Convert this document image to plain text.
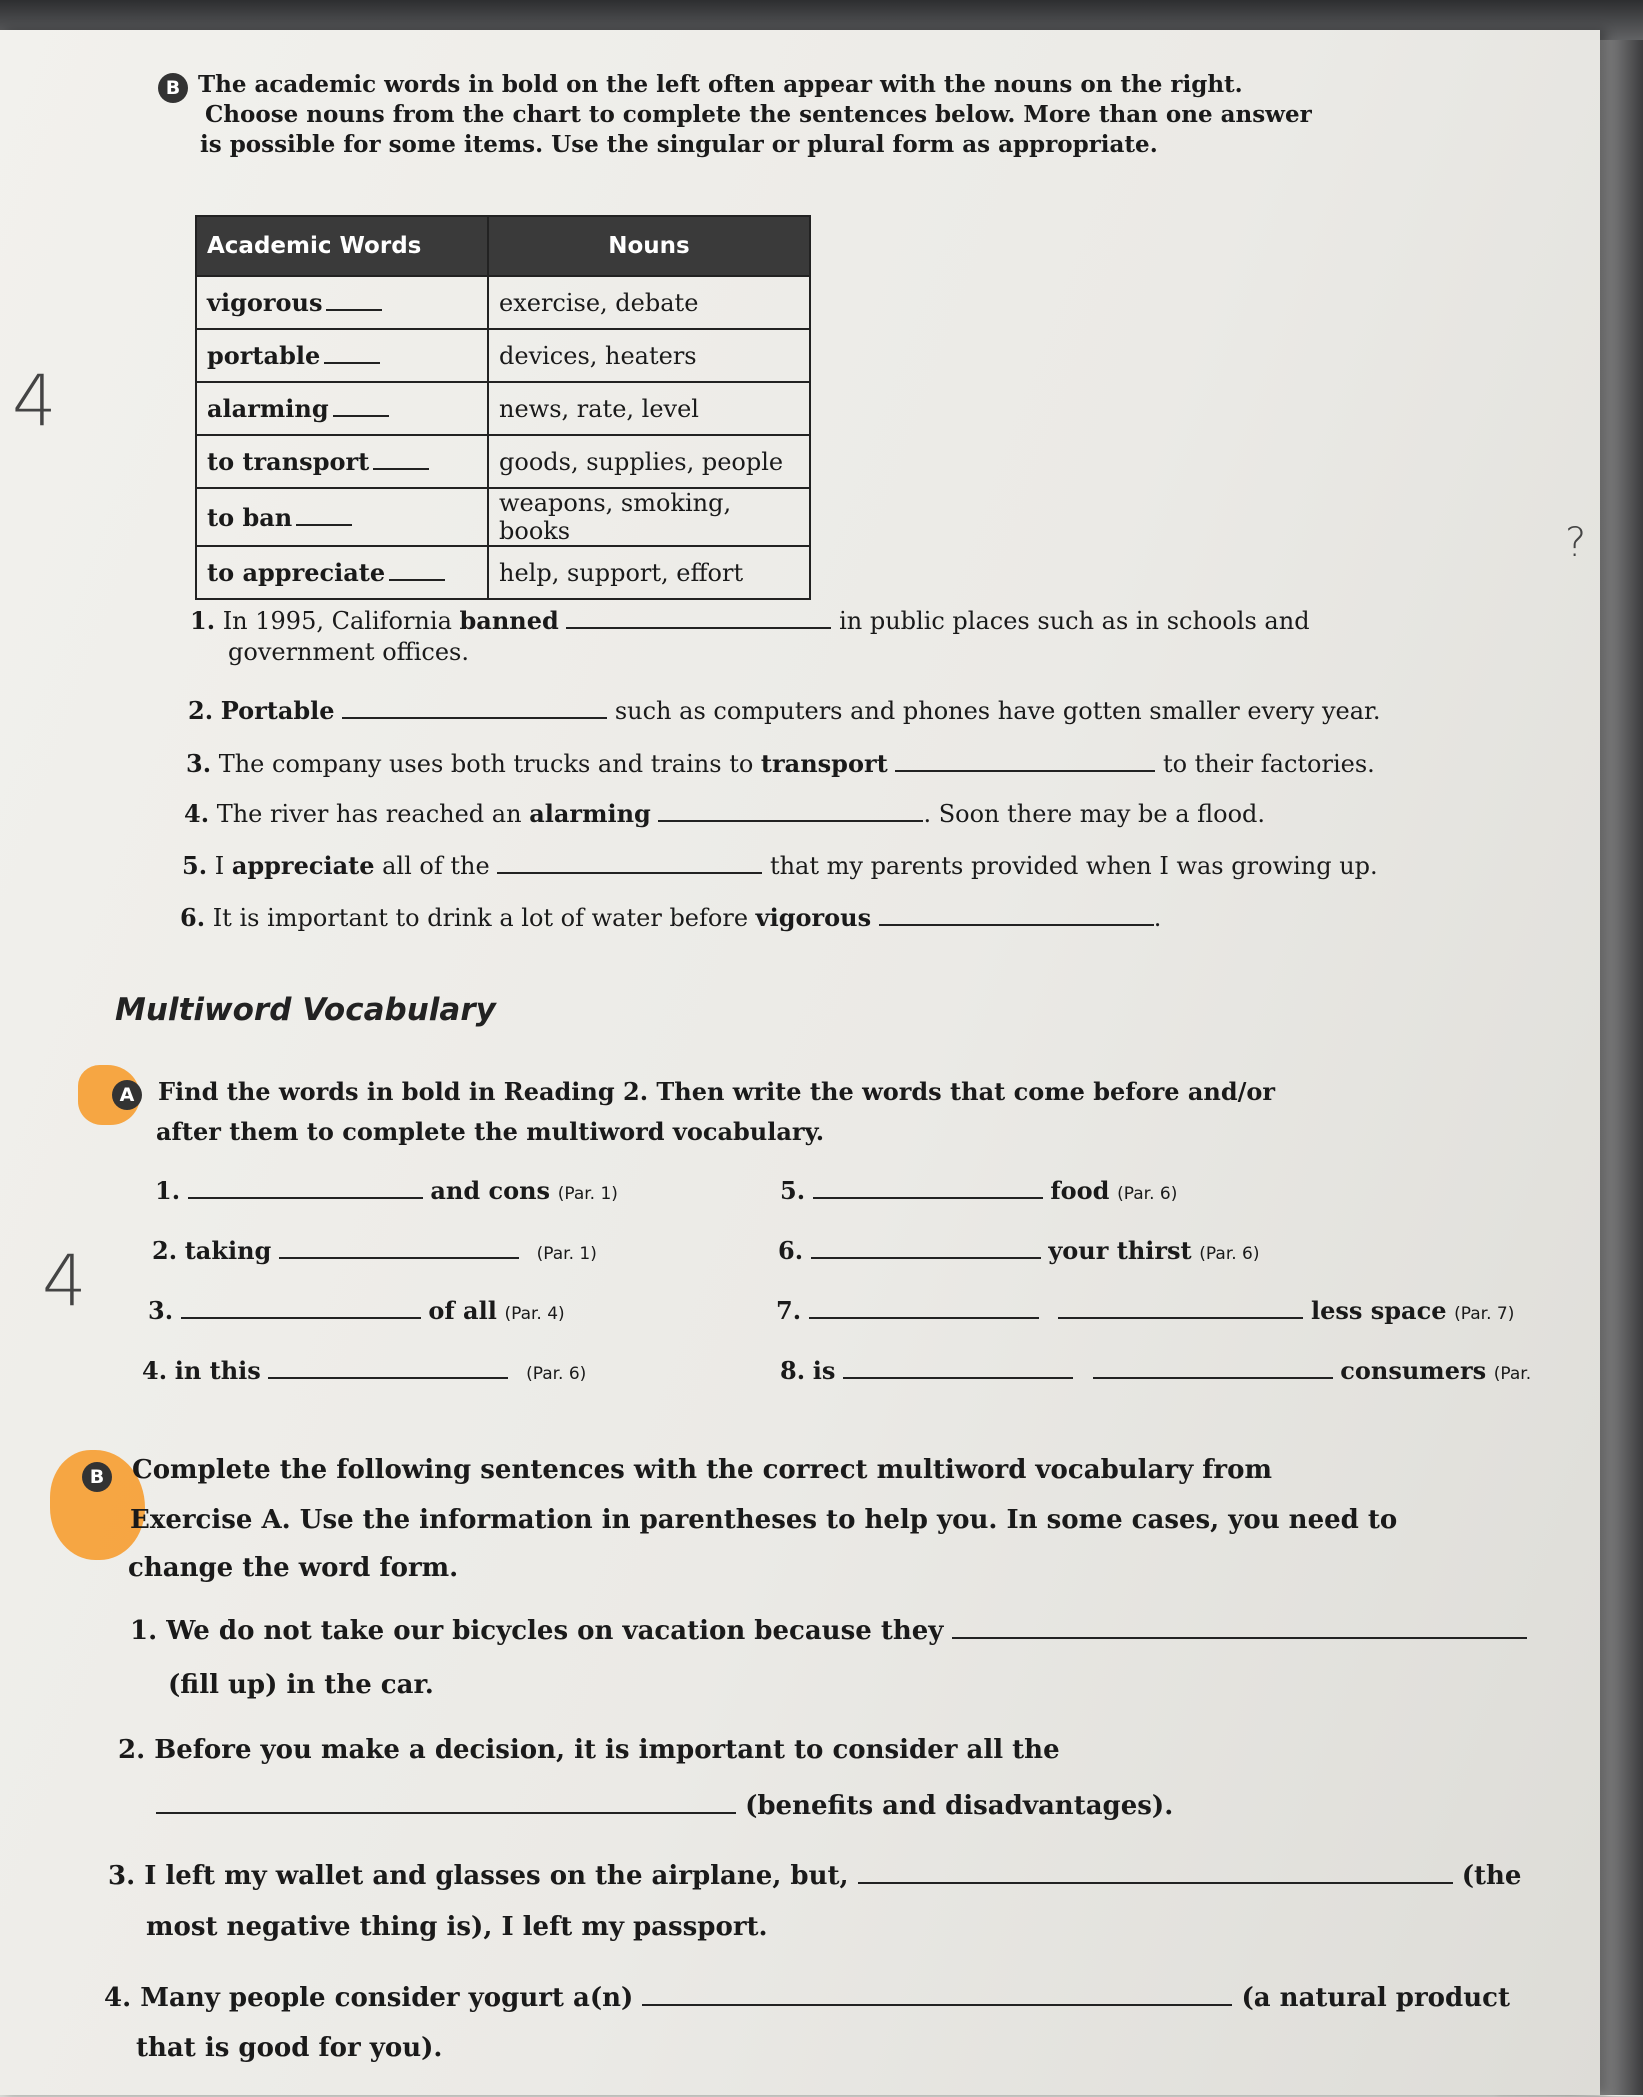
B The academic words in bold on the left often appear with the nouns on the right.
Choose nouns from the chart to complete the sentences below. More than one answer
is possible for some items. Use the singular or plural form as appropriate.
Academic Words	Nouns
vigorous	exercise, debate
portable	devices, heaters
alarming	news, rate, level
to transport	goods, supplies, people
to ban	weapons, smoking, books
to appreciate	help, support, effort
1. In 1995, California banned	in public places such as in schools and
government offices.
2. Portable	such as computers and phones have gotten smaller every year.
3. The company uses both trucks and trains to transport	to their factories.
4. The river has reached an alarming	. Soon there may be a flood.
5. I appreciate all of the	that my parents provided when I was growing up.
6. It is important to drink a lot of water before vigorous	.
Multiword Vocabulary
A Find the words in bold in Reading 2. Then write the words that come before and/or
after them to complete the multiword vocabulary.
1.	and cons (Par. 1)
2. taking	(Par. 1)
3.	of all (Par. 4)
4. in this	(Par. 6)
5.	food (Par. 6)
6.	your thirst (Par. 6)
7.	less space (Par. 7)
8. is	consumers (Par.
B Complete the following sentences with the correct multiword vocabulary from
Exercise A. Use the information in parentheses to help you. In some cases, you need to
change the word form.
1. We do not take our bicycles on vacation because they
(fill up) in the car.
2. Before you make a decision, it is important to consider all the
(benefits and disadvantages).
3. I left my wallet and glasses on the airplane, but,	(the
most negative thing is), I left my passport.
4. Many people consider yogurt a(n)	(a natural product
that is good for you).
4
4
?
